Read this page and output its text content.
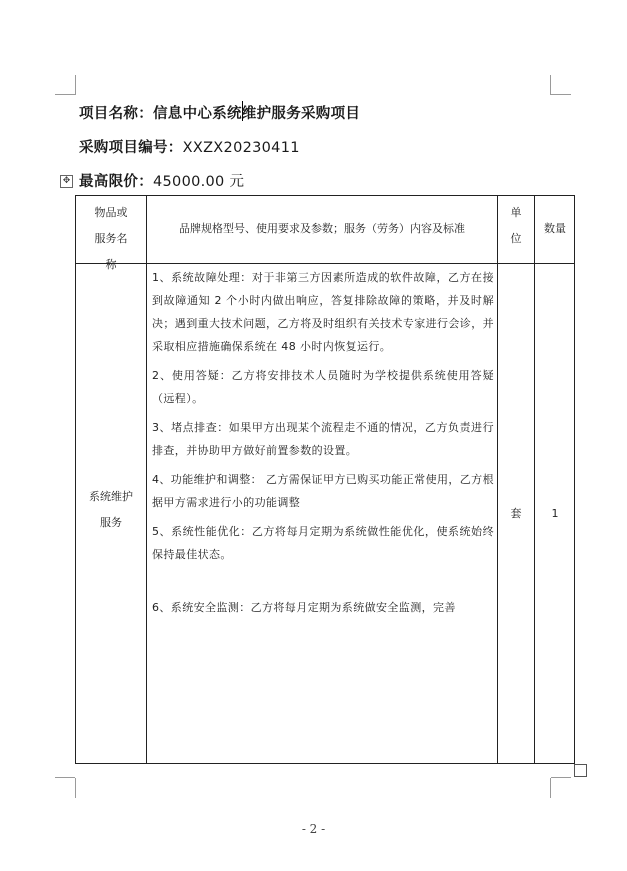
项目名称：信息中心系统维护服务采购项目
采购项目编号：XXZX20230411
最高限价：45000.00 元
✥
物品或服务名称
品牌规格型号、使用要求及参数；服务（劳务）内容及标准
单位
数量
系统维护服务
套	1

1、系统故障处理：对于非第三方因素所造成的软件故障，乙方在接到故障通知 2 个小时内做出响应，答复排除故障的策略，并及时解决；遇到重大技术问题，乙方将及时组织有关技术专家进行会诊，并采取相应措施确保系统在 48 小时内恢复运行。

2、使用答疑：乙方将安排技术人员随时为学校提供系统使用答疑（远程）。

3、堵点排查：如果甲方出现某个流程走不通的情况，乙方负责进行排查，并协助甲方做好前置参数的设置。

4、功能维护和调整： 乙方需保证甲方已购买功能正常使用，乙方根据甲方需求进行小的功能调整

5、系统性能优化：乙方将每月定期为系统做性能优化，使系统始终保持最佳状态。

6、系统安全监测：乙方将每月定期为系统做安全监测，完善

- 2 -
